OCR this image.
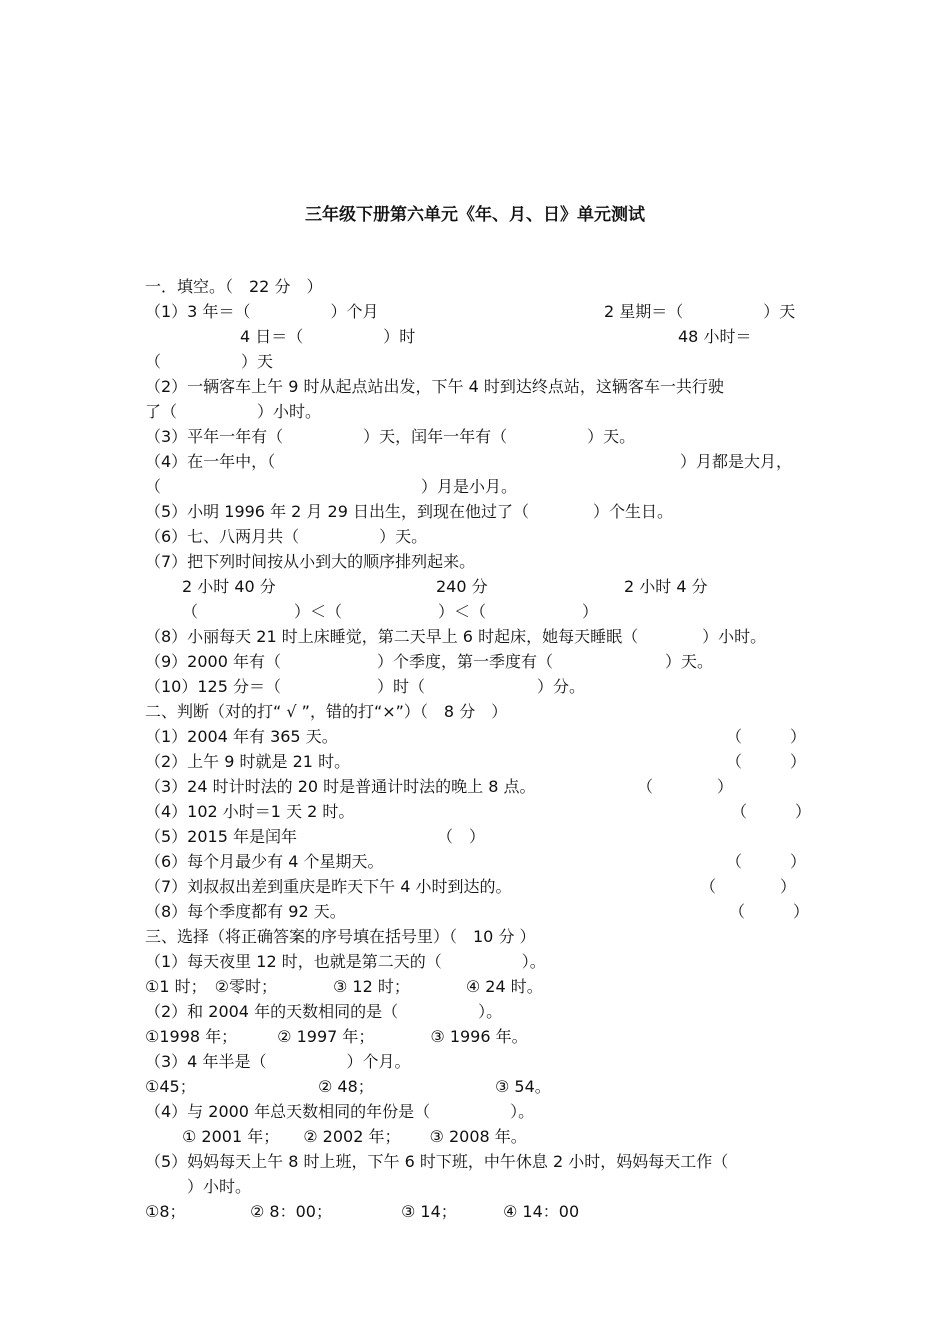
三年级下册第六单元《年、月、日》单元测试
一．填空。（　22 分　）
（1）3 年＝（　　　　　）个月	2 星期＝（　　　　　）天
4 日＝（　　　　　）时	48 小时＝
（　　　　　）天
（2）一辆客车上午 9 时从起点站出发，下午 4 时到达终点站，这辆客车一共行驶
了（　　　　　）小时。
（3）平年一年有（　　　　　）天，闰年一年有（　　　　　）天。
（4）在一年中，（	）月都是大月，
（	）月是小月。
（5）小明 1996 年 2 月 29 日出生，到现在他过了（　　　　）个生日。
（6）七、八两月共（　　　　　）天。
（7）把下列时间按从小到大的顺序排列起来。
2 小时 40 分	240 分	2 小时 4 分
（　　　　　　）＜（　　　　　　）＜（　　　　　　）
（8）小丽每天 21 时上床睡觉，第二天早上 6 时起床，她每天睡眠（　　　　）小时。
（9）2000 年有（　　　　　　）个季度，第一季度有（　　　　　　　）天。
（10）125 分＝（　　　　　　）时（　　　　　　　）分。
二、判断（对的打“ √ ”，错的打“×”）（　8 分　）
（1）2004 年有 365 天。	（　　　）
（2）上午 9 时就是 21 时。	（　　　）
（3）24 时计时法的 20 时是普通计时法的晚上 8 点。	（　　　　）
（4）102 小时＝1 天 2 时。	（　　　）
（5）2015 年是闰年	（　）
（6）每个月最少有 4 个星期天。	（　　　）
（7）刘叔叔出差到重庆是昨天下午 4 小时到达的。	（　　　　）
（8）每个季度都有 92 天。	（　　　）
三、选择（将正确答案的序号填在括号里）（　10 分 ）
（1）每天夜里 12 时，也就是第二天的（　　　　　）。
①1 时；　②零时；　　　　③ 12 时；　　　　④ 24 时。
（2）和 2004 年的天数相同的是（　　　　　）。
①1998 年；　　　② 1997 年；　　　　③ 1996 年。
（3）4 年半是（　　　　　）个月。
①45；	② 48；	③ 54。
（4）与 2000 年总天数相同的年份是（　　　　　）。
① 2001 年；　　② 2002 年；　　 ③ 2008 年。
（5）妈妈每天上午 8 时上班，下午 6 时下班，中午休息 2 小时，妈妈每天工作（
）小时。
①8；	② 8：00；	③ 14；	④ 14：00
